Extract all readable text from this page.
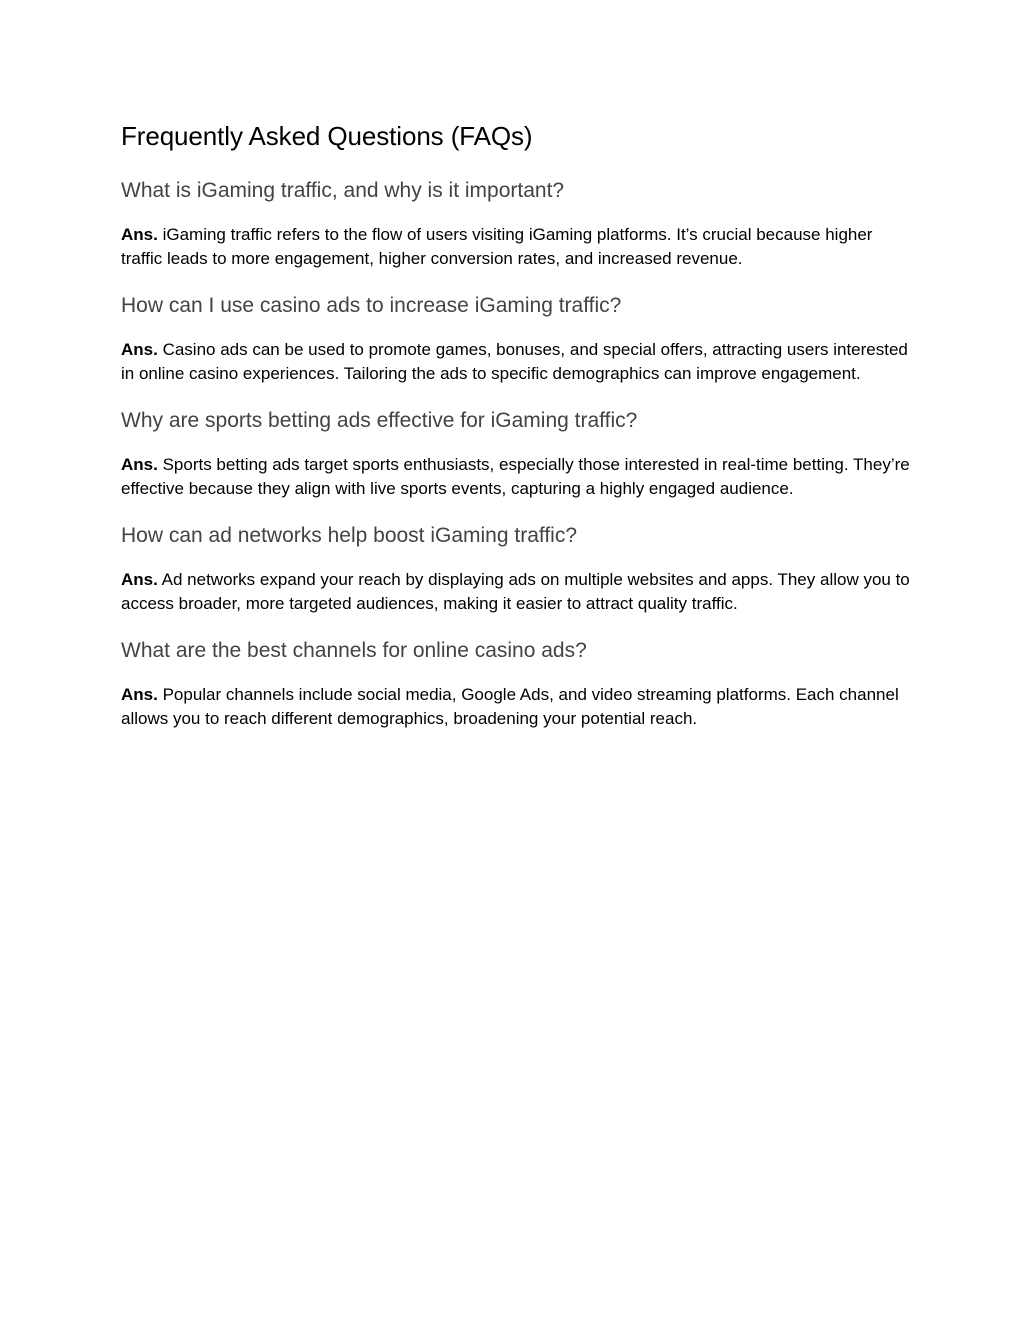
Frequently Asked Questions (FAQs)
What is iGaming traffic, and why is it important?

Ans. iGaming traffic refers to the flow of users visiting iGaming platforms. It’s crucial because higher traffic leads to more engagement, higher conversion rates, and increased revenue.

How can I use casino ads to increase iGaming traffic?

Ans. Casino ads can be used to promote games, bonuses, and special offers, attracting users interested in online casino experiences. Tailoring the ads to specific demographics can improve engagement.

Why are sports betting ads effective for iGaming traffic?

Ans. Sports betting ads target sports enthusiasts, especially those interested in real-time betting. They’re effective because they align with live sports events, capturing a highly engaged audience.

How can ad networks help boost iGaming traffic?

Ans. Ad networks expand your reach by displaying ads on multiple websites and apps. They allow you to access broader, more targeted audiences, making it easier to attract quality traffic.

What are the best channels for online casino ads?

Ans. Popular channels include social media, Google Ads, and video streaming platforms. Each channel allows you to reach different demographics, broadening your potential reach.
